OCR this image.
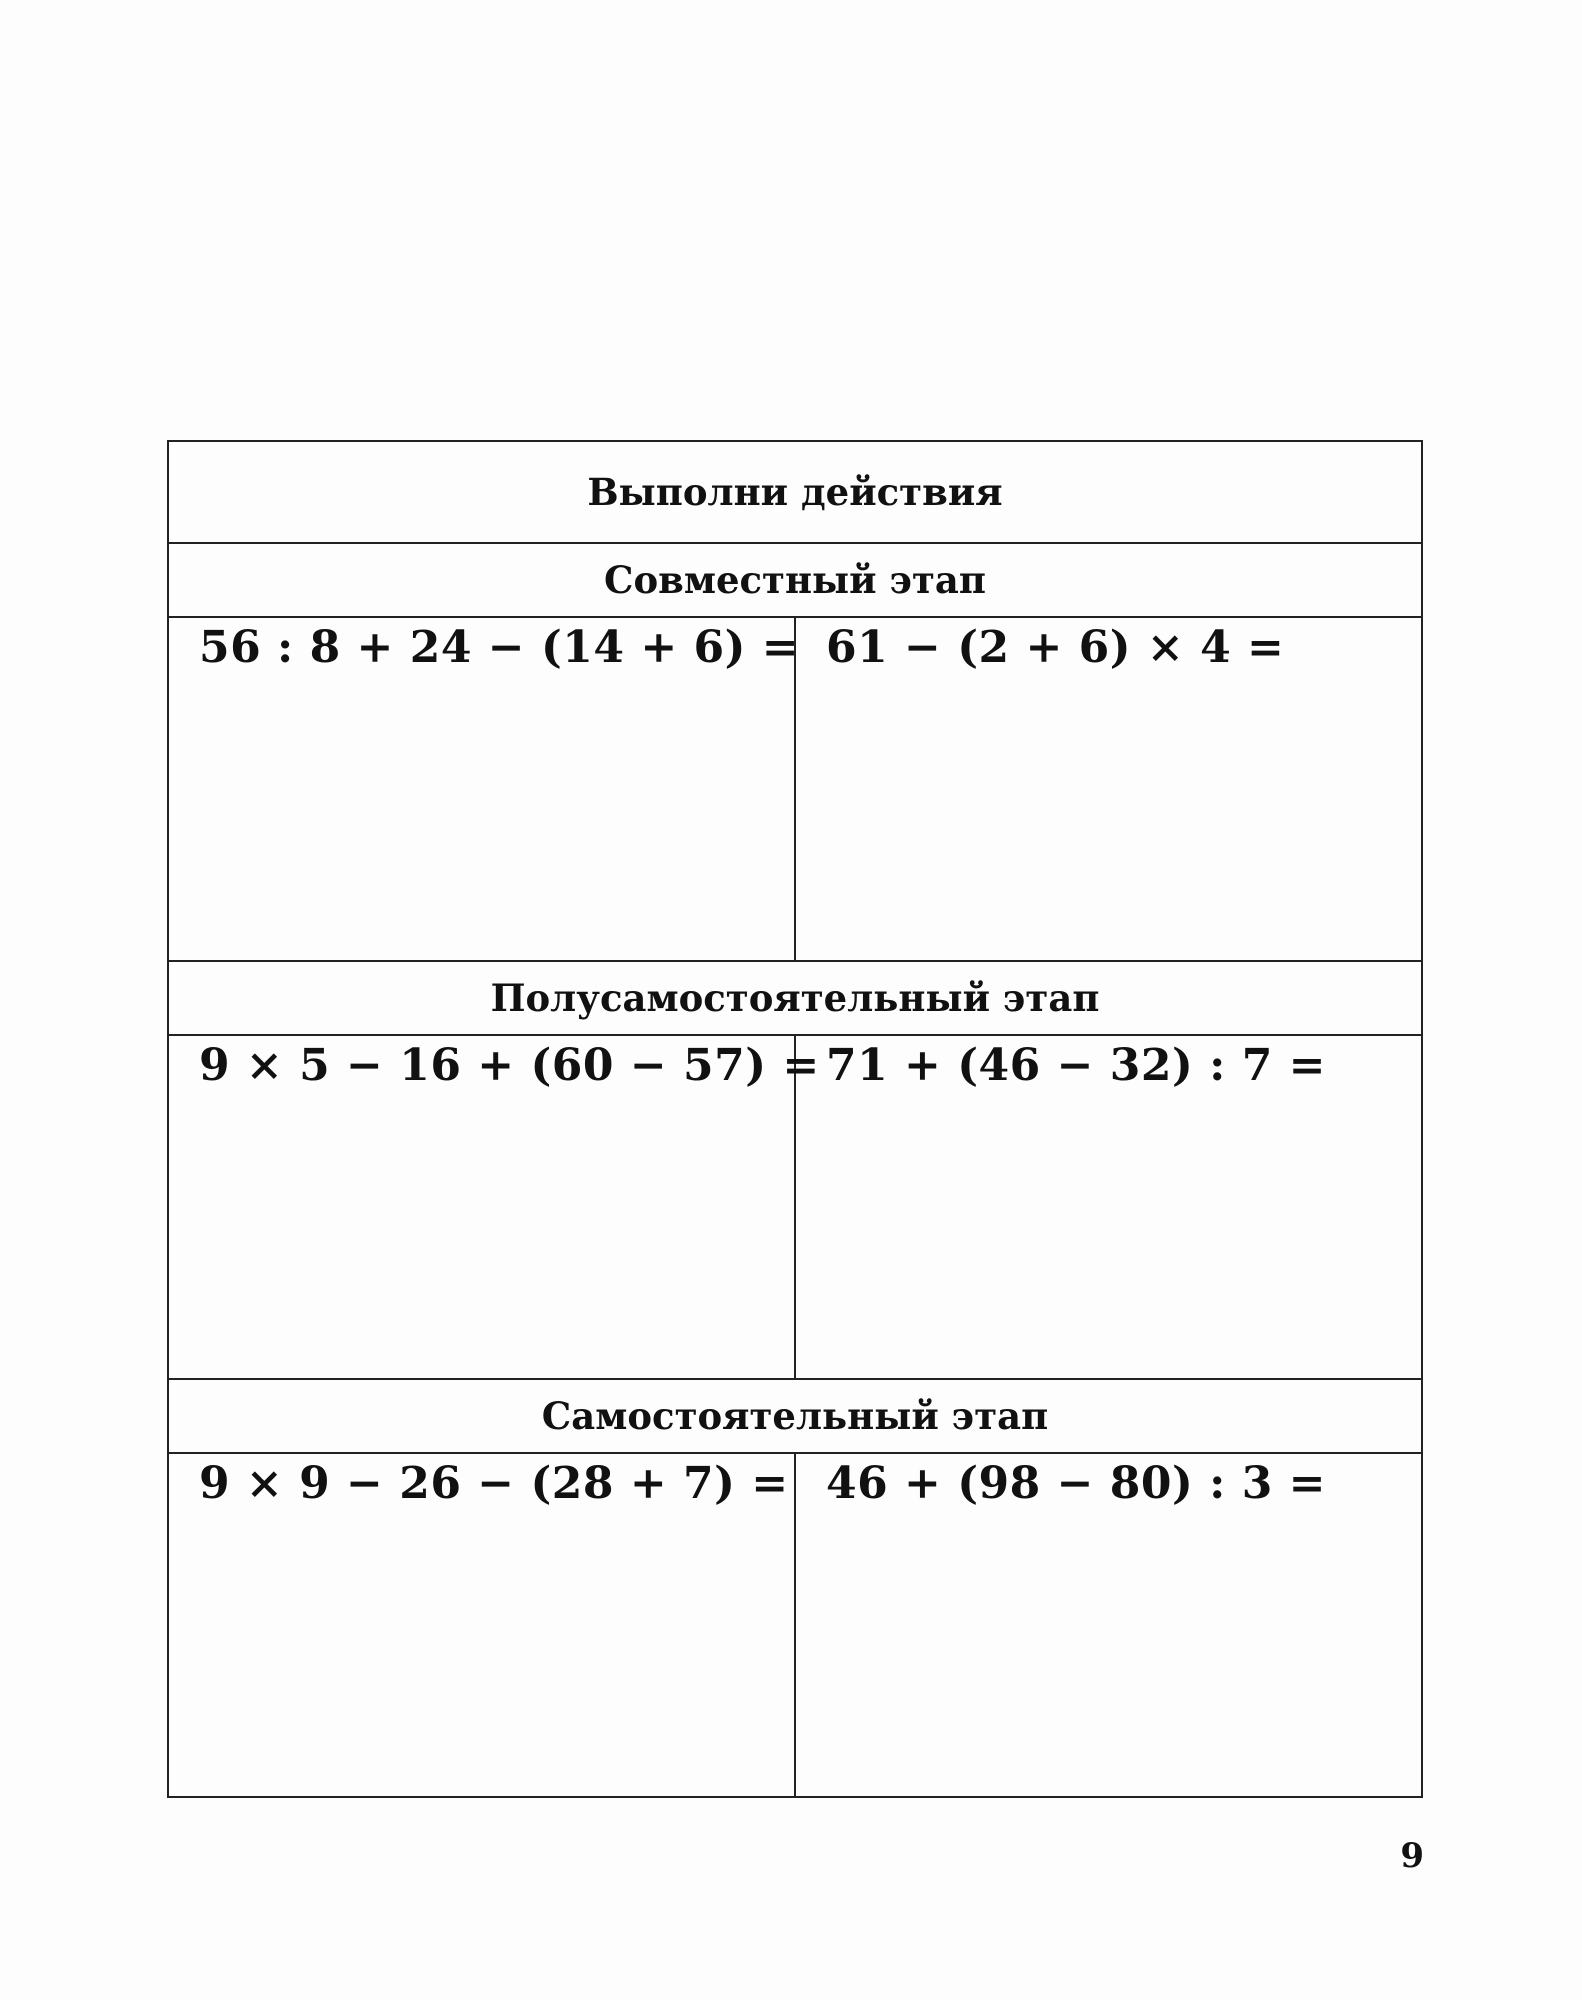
Выполни действия	
Совместный этап	

56 : 8 + 24 − (14 + 6) =	61 − (2 + 6) × 4 =

Полусамостоятельный этап	

9 × 5 − 16 + (60 − 57) =	71 + (46 − 32) : 7 =

Самостоятельный этап	

9 × 9 − 26 − (28 + 7) =	46 + (98 − 80) : 3 =
9
